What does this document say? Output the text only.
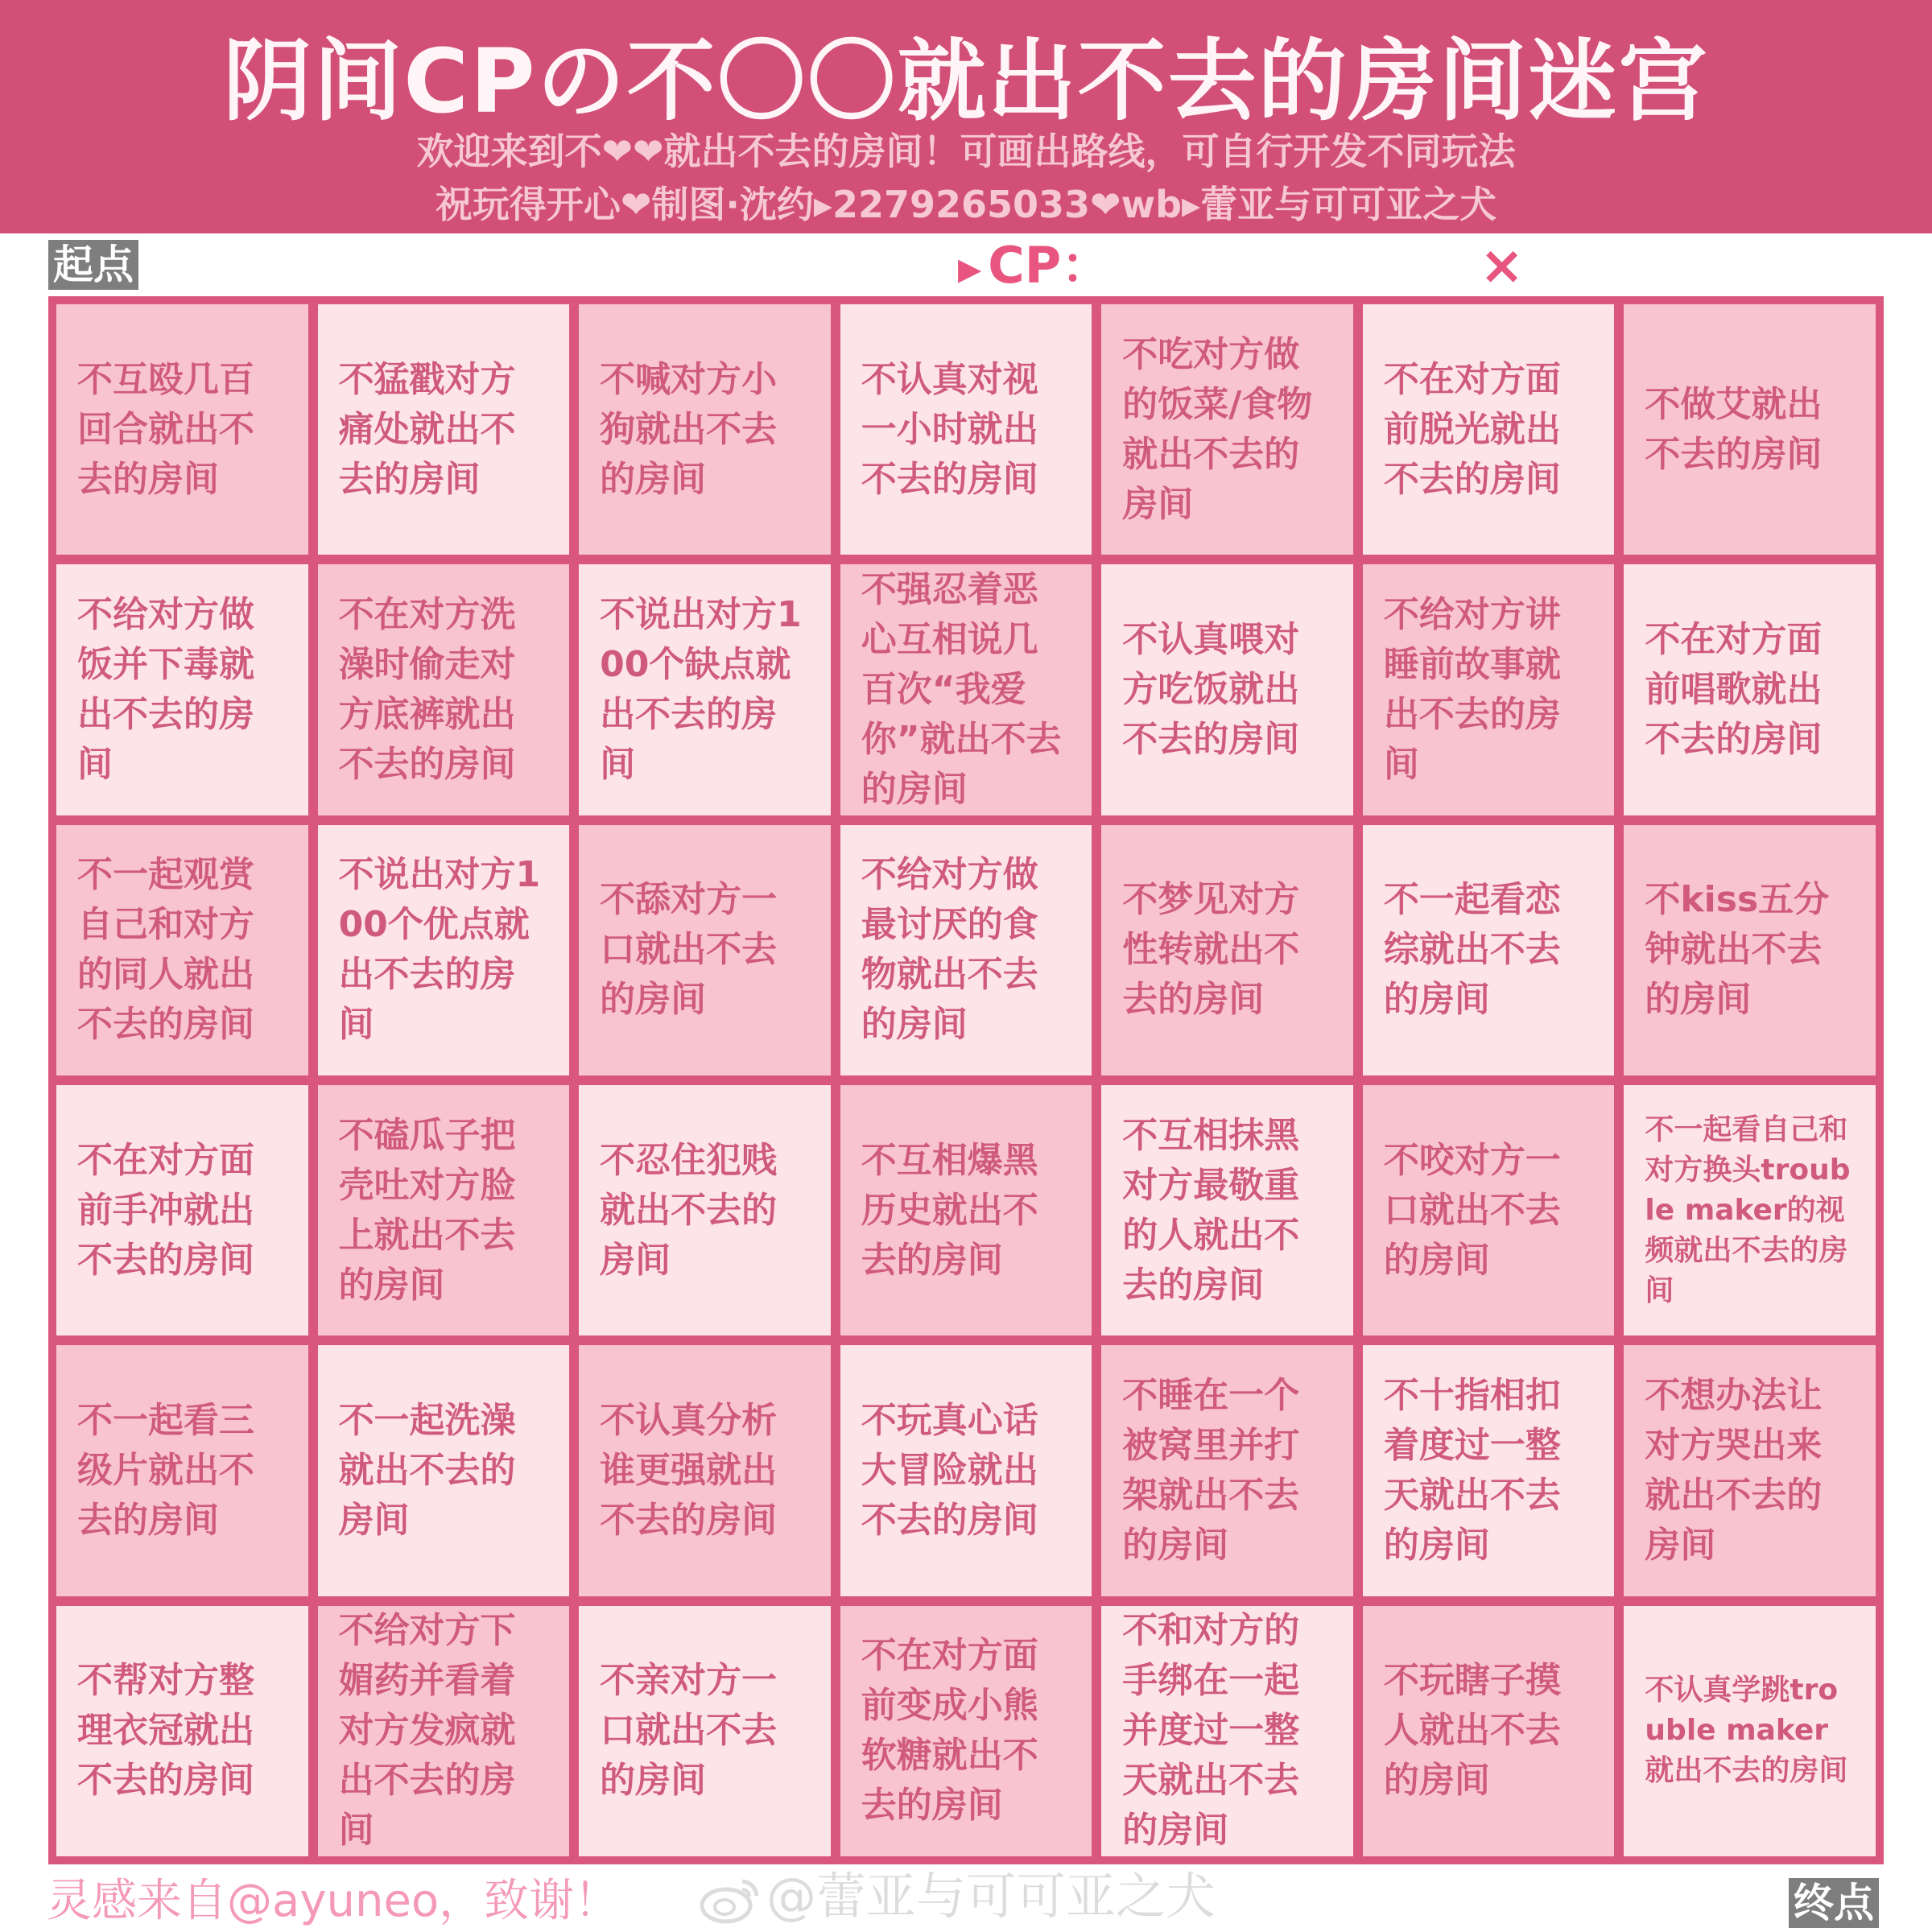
阴间CPの不〇〇就出不去的房间迷宫
欢迎来到不❤❤就出不去的房间！可画出路线，可自行开发不同玩法
祝玩得开心❤制图·沈约▸2279265033❤wb▸蕾亚与可可亚之犬
起点	▶ CP：	×
不互殴几百回合就出不去的房间
不猛戳对方痛处就出不去的房间
不喊对方小狗就出不去的房间
不认真对视一小时就出不去的房间
不吃对方做的饭菜/食物就出不去的房间
不在对方面前脱光就出不去的房间
不做艾就出不去的房间
不给对方做饭并下毒就出不去的房间
不在对方洗澡时偷走对方底裤就出不去的房间
不说出对方100个缺点就出不去的房间
不强忍着恶心互相说几百次“我爱你”就出不去的房间
不认真喂对方吃饭就出不去的房间
不给对方讲睡前故事就出不去的房间
不在对方面前唱歌就出不去的房间
不一起观赏自己和对方的同人就出不去的房间
不说出对方100个优点就出不去的房间
不舔对方一口就出不去的房间
不给对方做最讨厌的食物就出不去的房间
不梦见对方性转就出不去的房间
不一起看恋综就出不去的房间
不kiss五分钟就出不去的房间
不在对方面前手冲就出不去的房间
不磕瓜子把壳吐对方脸上就出不去的房间
不忍住犯贱就出不去的房间
不互相爆黑历史就出不去的房间
不互相抹黑对方最敬重的人就出不去的房间
不咬对方一口就出不去的房间
不一起看自己和对方换头trouble maker的视频就出不去的房间
不一起看三级片就出不去的房间
不一起洗澡就出不去的房间
不认真分析谁更强就出不去的房间
不玩真心话大冒险就出不去的房间
不睡在一个被窝里并打架就出不去的房间
不十指相扣着度过一整天就出不去的房间
不想办法让对方哭出来就出不去的房间
不帮对方整理衣冠就出不去的房间
不给对方下媚药并看着对方发疯就出不去的房间
不亲对方一口就出不去的房间
不在对方面前变成小熊软糖就出不去的房间
不和对方的手绑在一起并度过一整天就出不去的房间
不玩瞎子摸人就出不去的房间
不认真学跳trouble maker就出不去的房间
灵感来自@ayuneo，致谢！	@蕾亚与可可亚之犬	终点
